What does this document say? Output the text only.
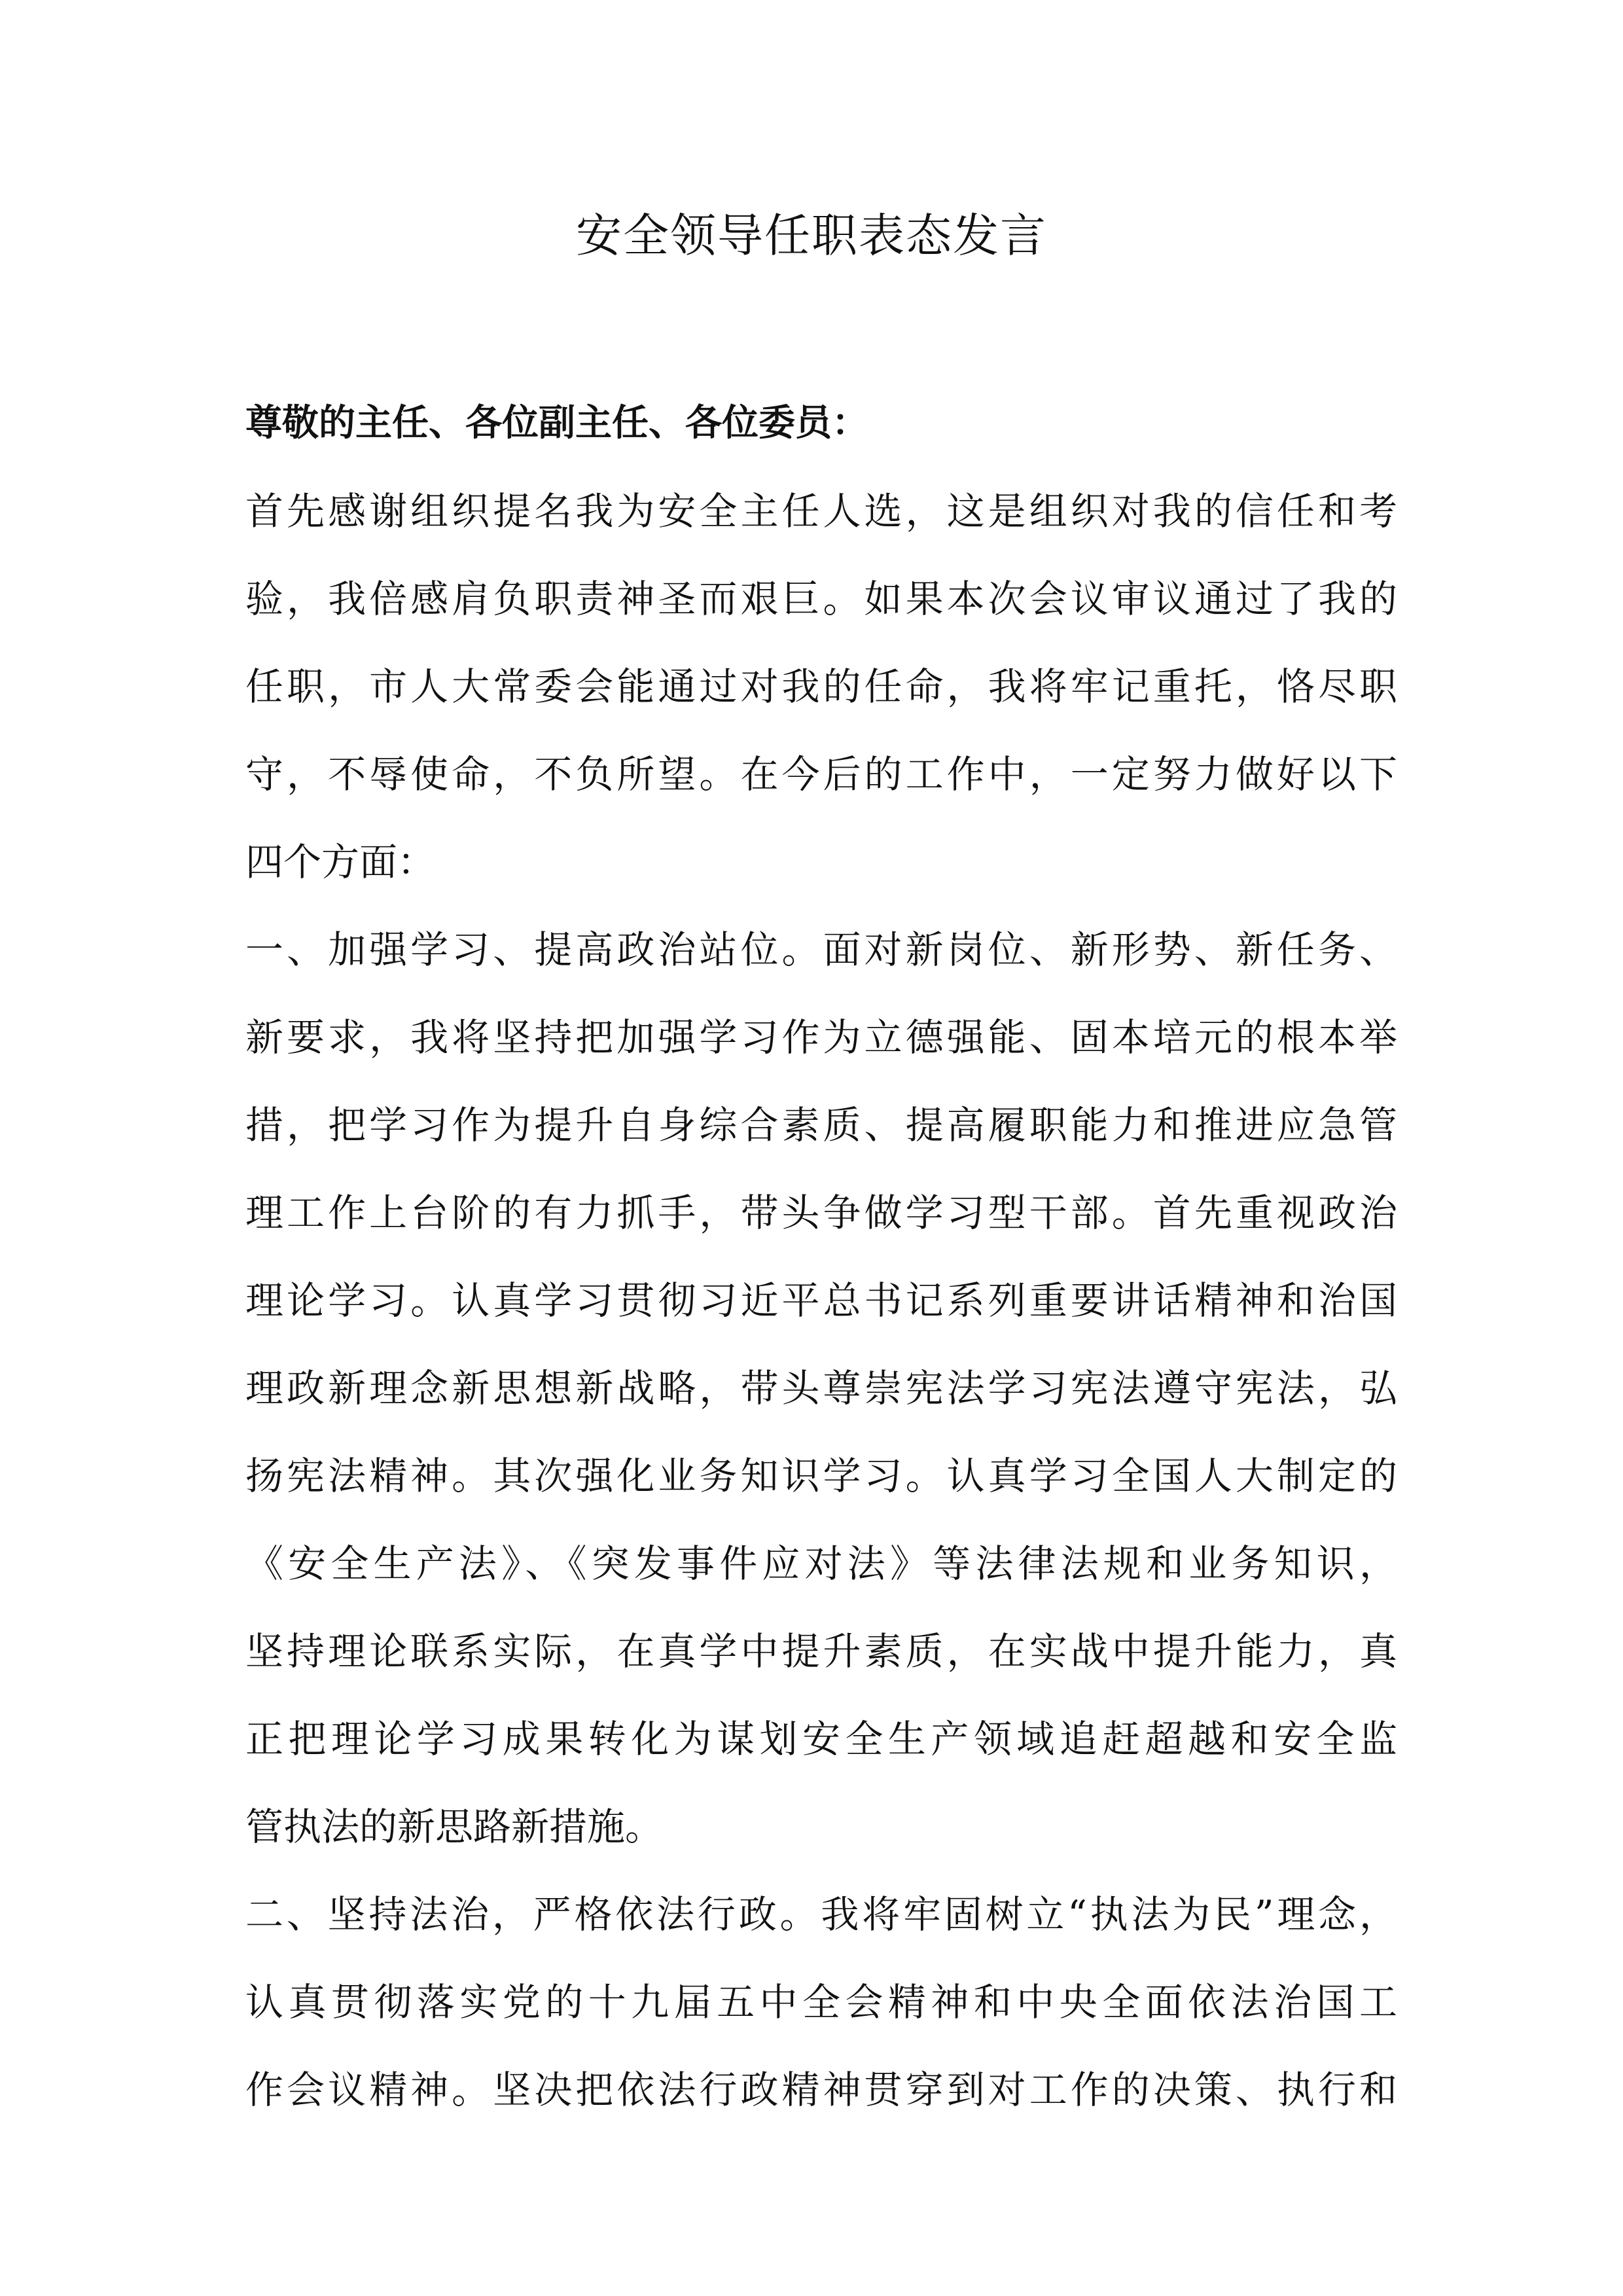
安全领导任职表态发言
尊敬的主任、各位副主任、各位委员：
首先感谢组织提名我为安全主任人选，这是组织对我的信任和考
验，我倍感肩负职责神圣而艰巨。如果本次会议审议通过了我的
任职，市人大常委会能通过对我的任命，我将牢记重托，恪尽职
守，不辱使命，不负所望。在今后的工作中，一定努力做好以下
四个方面：
一、加强学习、提高政治站位。面对新岗位、新形势、新任务、
新要求，我将坚持把加强学习作为立德强能、固本培元的根本举
措，把学习作为提升自身综合素质、提高履职能力和推进应急管
理工作上台阶的有力抓手，带头争做学习型干部。首先重视政治
理论学习。认真学习贯彻习近平总书记系列重要讲话精神和治国
理政新理念新思想新战略，带头尊崇宪法学习宪法遵守宪法，弘
扬宪法精神。其次强化业务知识学习。认真学习全国人大制定的
《安全生产法》、《突发事件应对法》等法律法规和业务知识，
坚持理论联系实际，在真学中提升素质，在实战中提升能力，真
正把理论学习成果转化为谋划安全生产领域追赶超越和安全监
管执法的新思路新措施。
二、坚持法治，严格依法行政。我将牢固树立“执法为民”理念，
认真贯彻落实党的十九届五中全会精神和中央全面依法治国工
作会议精神。坚决把依法行政精神贯穿到对工作的决策、执行和
